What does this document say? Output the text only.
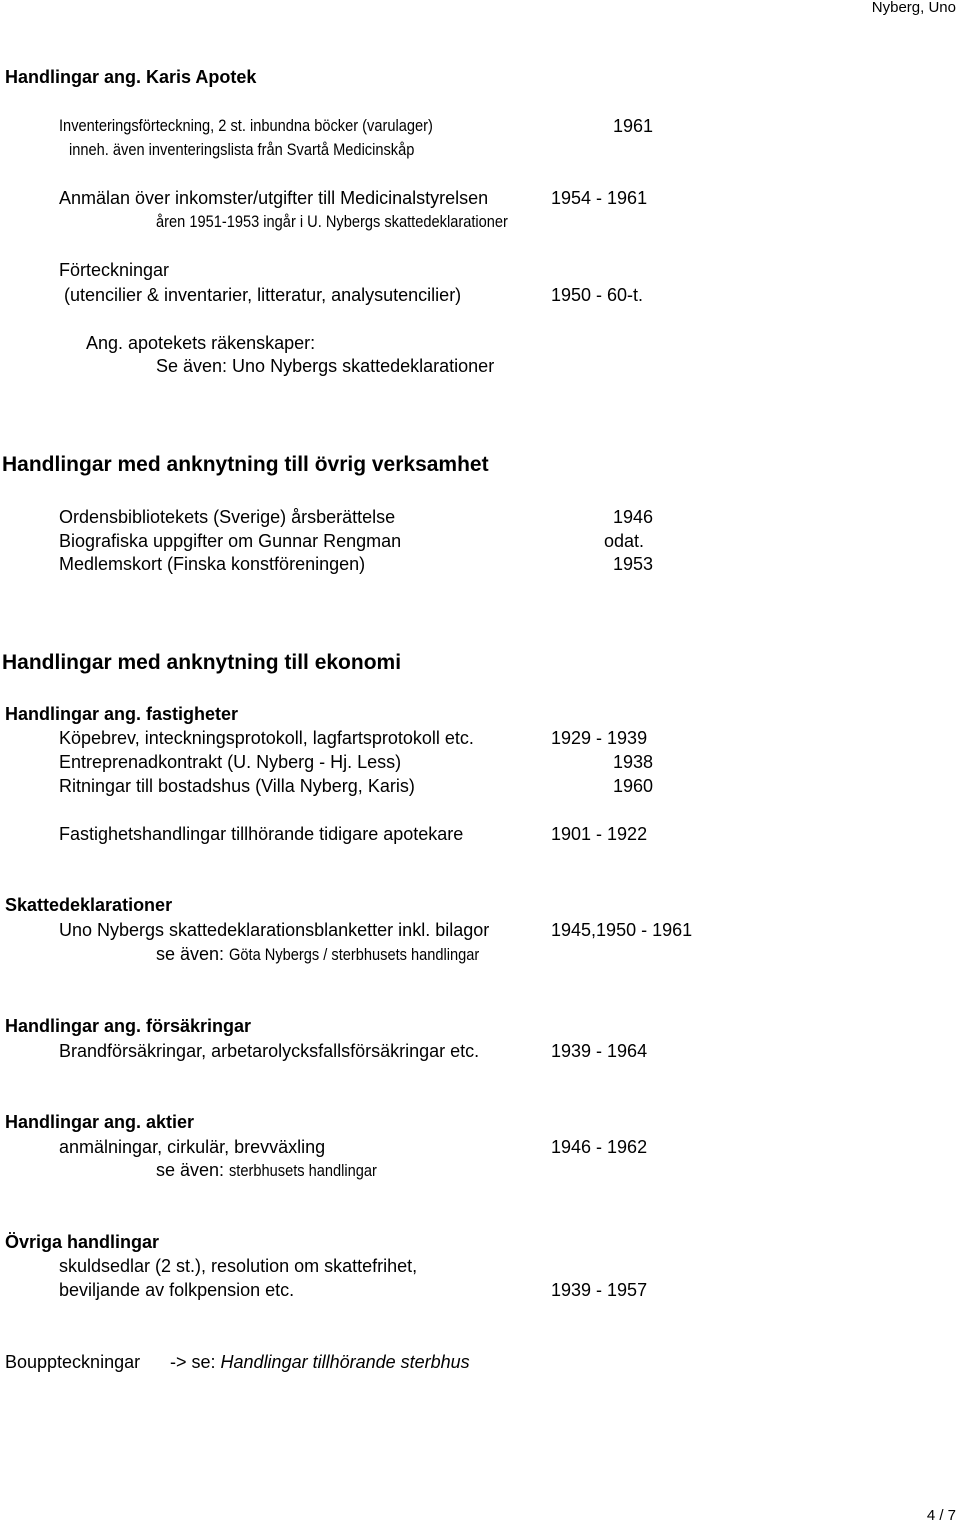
Nyberg, Uno
Handlingar ang. Karis Apotek
Inventeringsförteckning, 2 st. inbundna böcker (varulager)	1961
inneh. även inventeringslista från Svartå Medicinskåp
Anmälan över inkomster/utgifter till Medicinalstyrelsen	1954 - 1961
åren 1951-1953 ingår i U. Nybergs skattedeklarationer
Förteckningar
(utencilier & inventarier, litteratur, analysutencilier)	1950 - 60-t.
Ang. apotekets räkenskaper:
Se även: Uno Nybergs skattedeklarationer
Handlingar med anknytning till övrig verksamhet
Ordensbibliotekets (Sverige) årsberättelse	1946
Biografiska uppgifter om Gunnar Rengman	odat.
Medlemskort (Finska konstföreningen)	1953
Handlingar med anknytning till ekonomi
Handlingar ang. fastigheter
Köpebrev, inteckningsprotokoll, lagfartsprotokoll etc.	1929 - 1939
Entreprenadkontrakt (U. Nyberg - Hj. Less)	1938
Ritningar till bostadshus (Villa Nyberg, Karis)	1960
Fastighetshandlingar tillhörande tidigare apotekare	1901 - 1922
Skattedeklarationer
Uno Nybergs skattedeklarationsblanketter inkl. bilagor	1945,1950 - 1961
se även: Göta Nybergs / sterbhusets handlingar
Handlingar ang. försäkringar
Brandförsäkringar, arbetarolycksfallsförsäkringar etc.	1939 - 1964
Handlingar ang. aktier
anmälningar, cirkulär, brevväxling	1946 - 1962
se även: sterbhusets handlingar
Övriga handlingar
skuldsedlar (2 st.), resolution om skattefrihet,
beviljande av folkpension etc.	1939 - 1957
Bouppteckningar -> se: Handlingar tillhörande sterbhus
4 / 7
